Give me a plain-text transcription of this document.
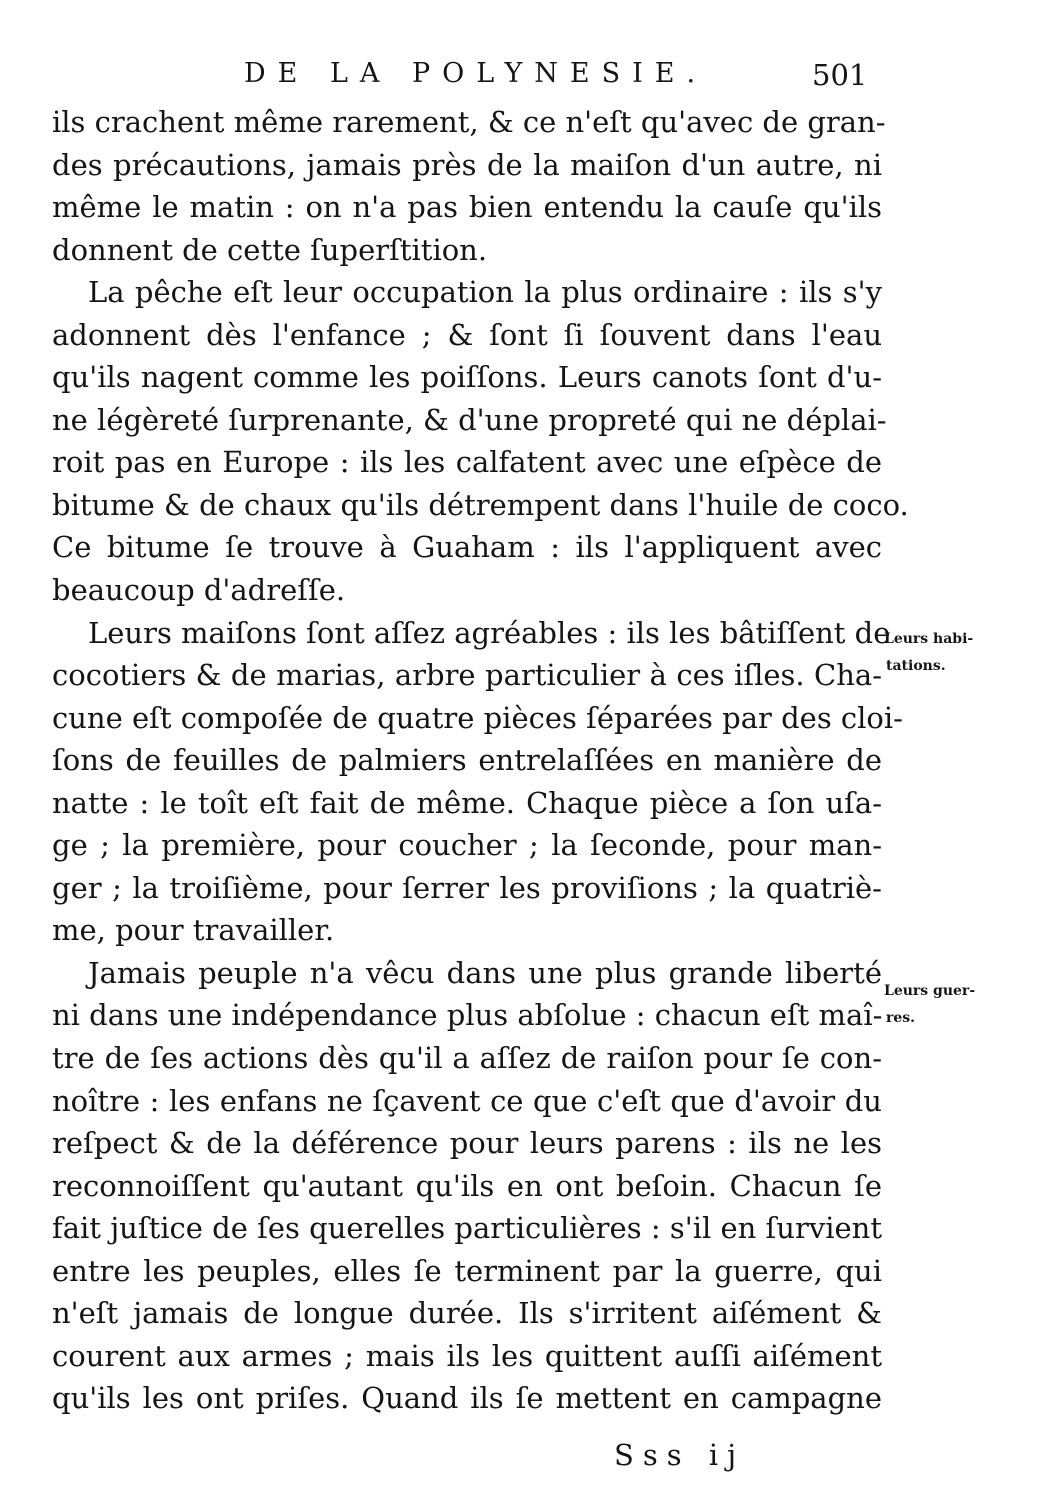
DE LA POLYNESIE.	501
ils crachent même rarement, & ce n'eſt qu'avec de gran-
des précautions, jamais près de la maiſon d'un autre, ni
même le matin : on n'a pas bien entendu la cauſe qu'ils
donnent de cette ſuperſtition.
La pêche eſt leur occupation la plus ordinaire : ils s'y
adonnent dès l'enfance ; & ſont ſi ſouvent dans l'eau
qu'ils nagent comme les poiſſons. Leurs canots ſont d'u-
ne légèreté ſurprenante, & d'une propreté qui ne déplai-
roit pas en Europe : ils les calfatent avec une eſpèce de
bitume & de chaux qu'ils détrempent dans l'huile de coco.
Ce bitume ſe trouve à Guaham : ils l'appliquent avec
beaucoup d'adreſſe.
Leurs maiſons ſont aſſez agréables : ils les bâtiſſent de
cocotiers & de marias, arbre particulier à ces iſles. Cha-
cune eſt compoſée de quatre pièces ſéparées par des cloi-
ſons de feuilles de palmiers entrelaſſées en manière de
natte : le toît eſt fait de même. Chaque pièce a ſon uſa-
ge ; la première, pour coucher ; la ſeconde, pour man-
ger ; la troiſième, pour ſerrer les proviſions ; la quatriè-
me, pour travailler.
Jamais peuple n'a vêcu dans une plus grande liberté
ni dans une indépendance plus abſolue : chacun eſt maî-
tre de ſes actions dès qu'il a aſſez de raiſon pour ſe con-
noître : les enfans ne ſçavent ce que c'eſt que d'avoir du
reſpect & de la déférence pour leurs parens : ils ne les
reconnoiſſent qu'autant qu'ils en ont beſoin. Chacun ſe
fait juſtice de ſes querelles particulières : s'il en ſurvient
entre les peuples, elles ſe terminent par la guerre, qui
n'eſt jamais de longue durée. Ils s'irritent aiſément &
courent aux armes ; mais ils les quittent auſſi aiſément
qu'ils les ont priſes. Quand ils ſe mettent en campagne
Leurs habi-
tations.
Leurs guer-
res.
Sss ij
